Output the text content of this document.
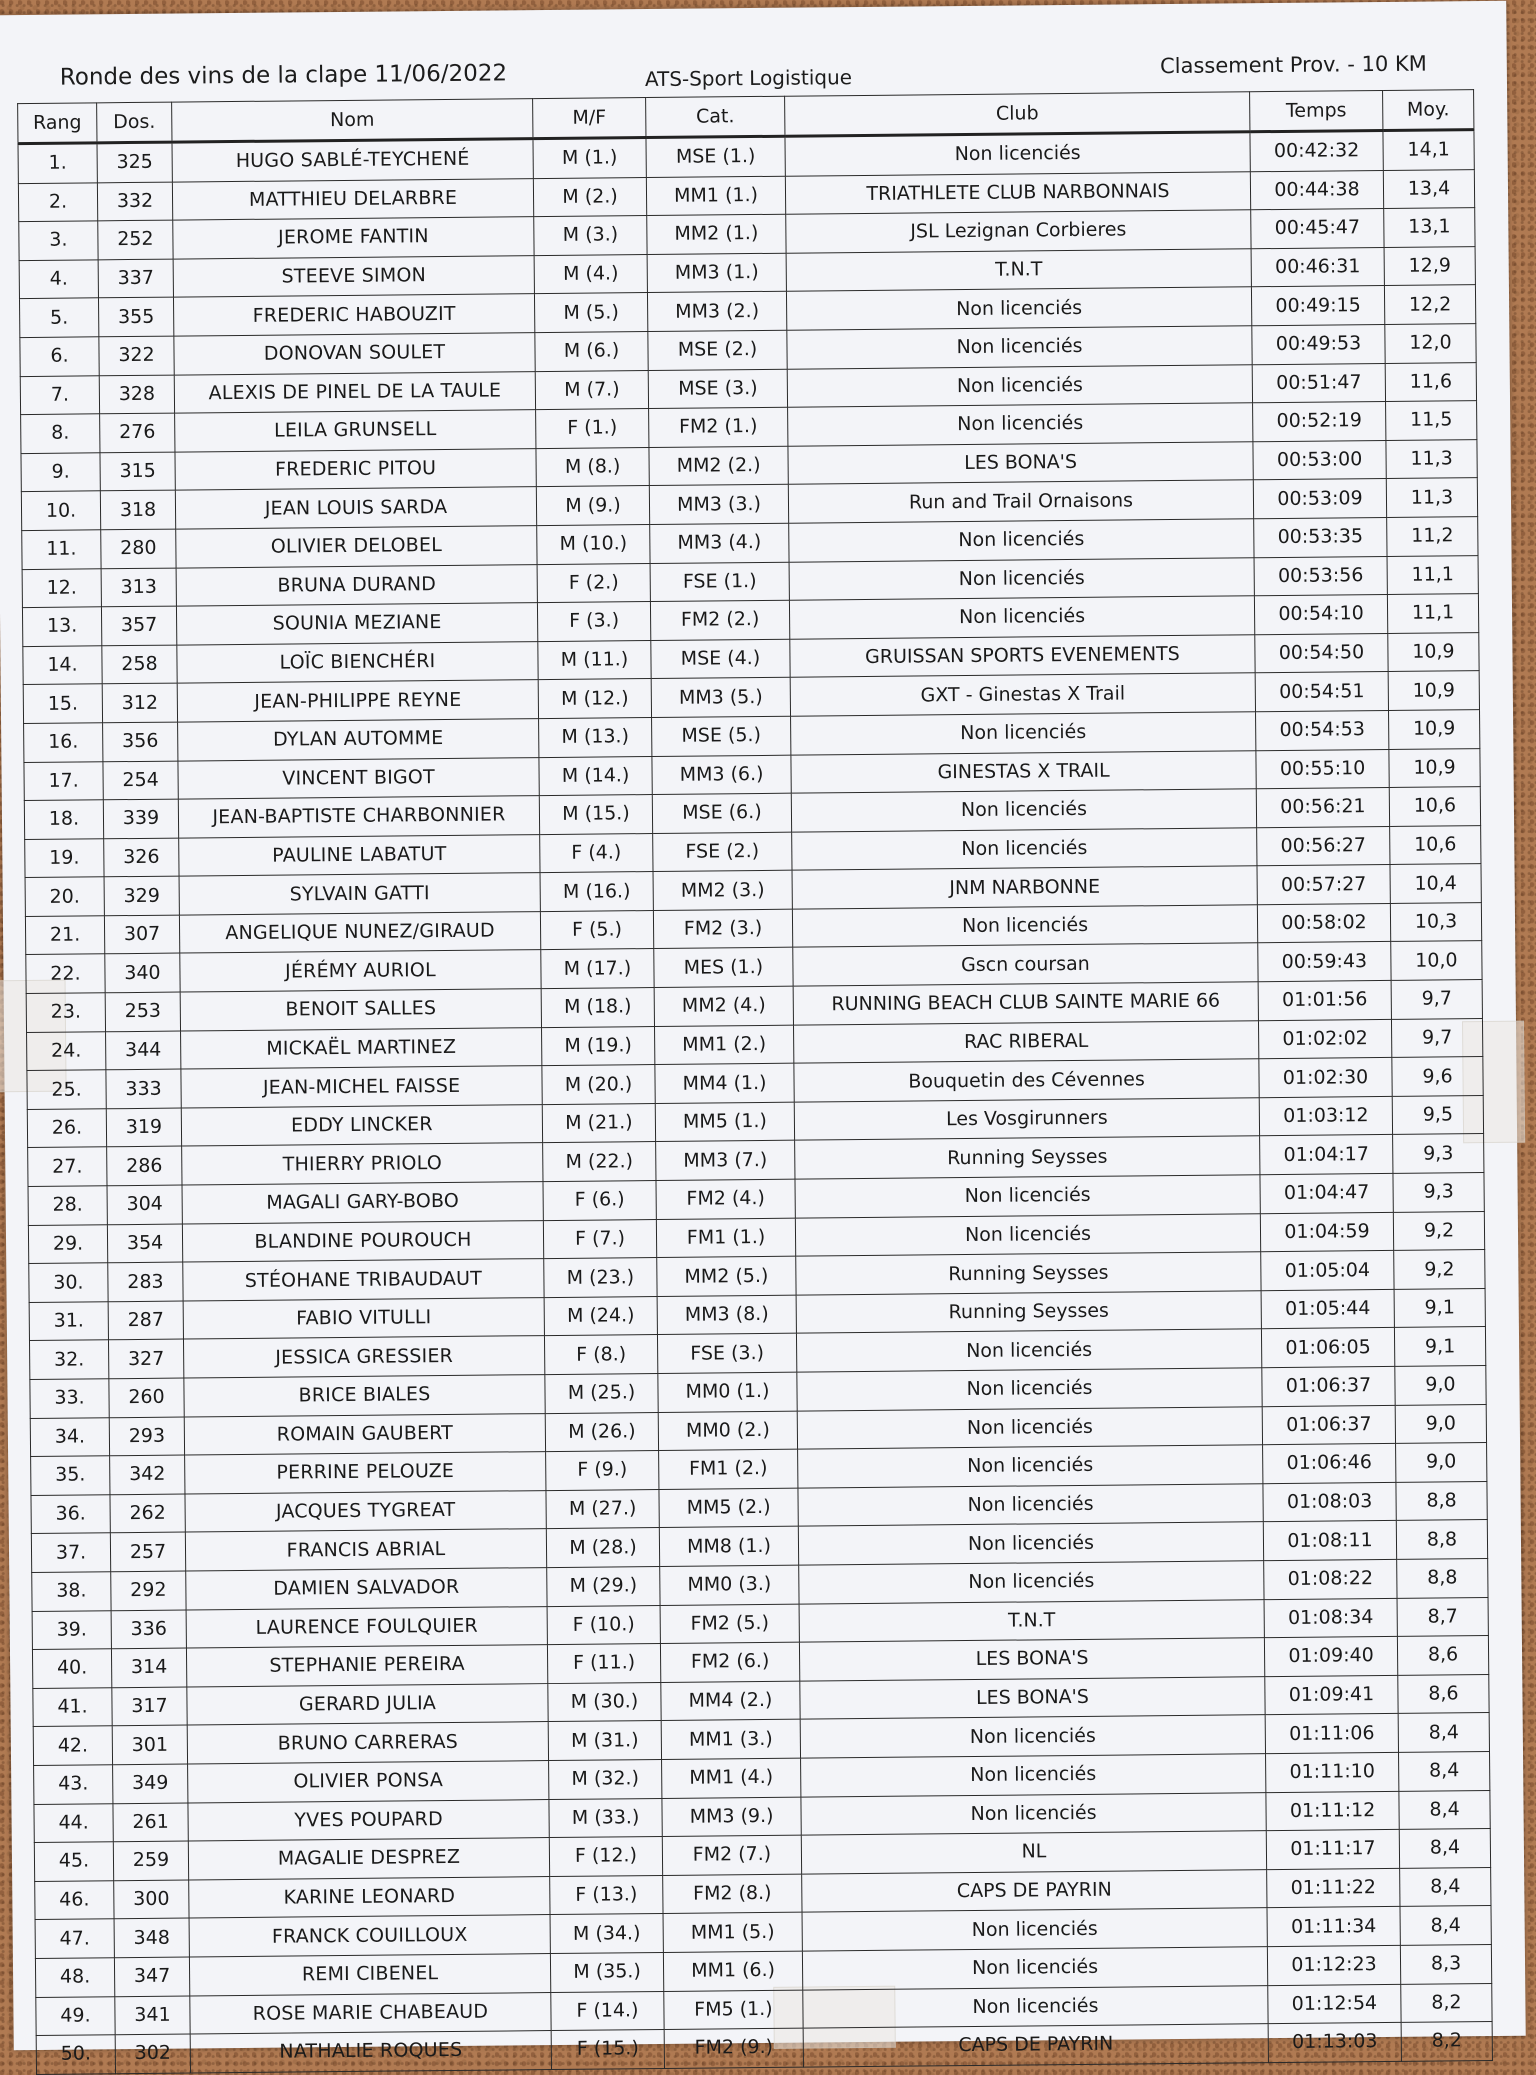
Ronde des vins de la clape 11/06/2022	ATS-Sport Logistique	Classement Prov. - 10 KM
Rang	Dos.	Nom	M/F	Cat.	Club	Temps	Moy.
1.	325	HUGO SABLÉ-TEYCHENÉ	M (1.)	MSE (1.)	Non licenciés	00:42:32	14,1
2.	332	MATTHIEU DELARBRE	M (2.)	MM1 (1.)	TRIATHLETE CLUB NARBONNAIS	00:44:38	13,4
3.	252	JEROME FANTIN	M (3.)	MM2 (1.)	JSL Lezignan Corbieres	00:45:47	13,1
4.	337	STEEVE SIMON	M (4.)	MM3 (1.)	T.N.T	00:46:31	12,9
5.	355	FREDERIC HABOUZIT	M (5.)	MM3 (2.)	Non licenciés	00:49:15	12,2
6.	322	DONOVAN SOULET	M (6.)	MSE (2.)	Non licenciés	00:49:53	12,0
7.	328	ALEXIS DE PINEL DE LA TAULE	M (7.)	MSE (3.)	Non licenciés	00:51:47	11,6
8.	276	LEILA GRUNSELL	F (1.)	FM2 (1.)	Non licenciés	00:52:19	11,5
9.	315	FREDERIC PITOU	M (8.)	MM2 (2.)	LES BONA'S	00:53:00	11,3
10.	318	JEAN LOUIS SARDA	M (9.)	MM3 (3.)	Run and Trail Ornaisons	00:53:09	11,3
11.	280	OLIVIER DELOBEL	M (10.)	MM3 (4.)	Non licenciés	00:53:35	11,2
12.	313	BRUNA DURAND	F (2.)	FSE (1.)	Non licenciés	00:53:56	11,1
13.	357	SOUNIA MEZIANE	F (3.)	FM2 (2.)	Non licenciés	00:54:10	11,1
14.	258	LOÏC BIENCHÉRI	M (11.)	MSE (4.)	GRUISSAN SPORTS EVENEMENTS	00:54:50	10,9
15.	312	JEAN-PHILIPPE REYNE	M (12.)	MM3 (5.)	GXT - Ginestas X Trail	00:54:51	10,9
16.	356	DYLAN AUTOMME	M (13.)	MSE (5.)	Non licenciés	00:54:53	10,9
17.	254	VINCENT BIGOT	M (14.)	MM3 (6.)	GINESTAS X TRAIL	00:55:10	10,9
18.	339	JEAN-BAPTISTE CHARBONNIER	M (15.)	MSE (6.)	Non licenciés	00:56:21	10,6
19.	326	PAULINE LABATUT	F (4.)	FSE (2.)	Non licenciés	00:56:27	10,6
20.	329	SYLVAIN GATTI	M (16.)	MM2 (3.)	JNM NARBONNE	00:57:27	10,4
21.	307	ANGELIQUE NUNEZ/GIRAUD	F (5.)	FM2 (3.)	Non licenciés	00:58:02	10,3
22.	340	JÉRÉMY AURIOL	M (17.)	MES (1.)	Gscn coursan	00:59:43	10,0
23.	253	BENOIT SALLES	M (18.)	MM2 (4.)	RUNNING BEACH CLUB SAINTE MARIE 66	01:01:56	9,7
24.	344	MICKAËL MARTINEZ	M (19.)	MM1 (2.)	RAC RIBERAL	01:02:02	9,7
25.	333	JEAN-MICHEL FAISSE	M (20.)	MM4 (1.)	Bouquetin des Cévennes	01:02:30	9,6
26.	319	EDDY LINCKER	M (21.)	MM5 (1.)	Les Vosgirunners	01:03:12	9,5
27.	286	THIERRY PRIOLO	M (22.)	MM3 (7.)	Running Seysses	01:04:17	9,3
28.	304	MAGALI GARY-BOBO	F (6.)	FM2 (4.)	Non licenciés	01:04:47	9,3
29.	354	BLANDINE POUROUCH	F (7.)	FM1 (1.)	Non licenciés	01:04:59	9,2
30.	283	STÉOHANE TRIBAUDAUT	M (23.)	MM2 (5.)	Running Seysses	01:05:04	9,2
31.	287	FABIO VITULLI	M (24.)	MM3 (8.)	Running Seysses	01:05:44	9,1
32.	327	JESSICA GRESSIER	F (8.)	FSE (3.)	Non licenciés	01:06:05	9,1
33.	260	BRICE BIALES	M (25.)	MM0 (1.)	Non licenciés	01:06:37	9,0
34.	293	ROMAIN GAUBERT	M (26.)	MM0 (2.)	Non licenciés	01:06:37	9,0
35.	342	PERRINE PELOUZE	F (9.)	FM1 (2.)	Non licenciés	01:06:46	9,0
36.	262	JACQUES TYGREAT	M (27.)	MM5 (2.)	Non licenciés	01:08:03	8,8
37.	257	FRANCIS ABRIAL	M (28.)	MM8 (1.)	Non licenciés	01:08:11	8,8
38.	292	DAMIEN SALVADOR	M (29.)	MM0 (3.)	Non licenciés	01:08:22	8,8
39.	336	LAURENCE FOULQUIER	F (10.)	FM2 (5.)	T.N.T	01:08:34	8,7
40.	314	STEPHANIE PEREIRA	F (11.)	FM2 (6.)	LES BONA'S	01:09:40	8,6
41.	317	GERARD JULIA	M (30.)	MM4 (2.)	LES BONA'S	01:09:41	8,6
42.	301	BRUNO CARRERAS	M (31.)	MM1 (3.)	Non licenciés	01:11:06	8,4
43.	349	OLIVIER PONSA	M (32.)	MM1 (4.)	Non licenciés	01:11:10	8,4
44.	261	YVES POUPARD	M (33.)	MM3 (9.)	Non licenciés	01:11:12	8,4
45.	259	MAGALIE DESPREZ	F (12.)	FM2 (7.)	NL	01:11:17	8,4
46.	300	KARINE LEONARD	F (13.)	FM2 (8.)	CAPS DE PAYRIN	01:11:22	8,4
47.	348	FRANCK COUILLOUX	M (34.)	MM1 (5.)	Non licenciés	01:11:34	8,4
48.	347	REMI CIBENEL	M (35.)	MM1 (6.)	Non licenciés	01:12:23	8,3
49.	341	ROSE MARIE CHABEAUD	F (14.)	FM5 (1.)	Non licenciés	01:12:54	8,2
50.	302	NATHALIE ROQUES	F (15.)	FM2 (9.)	CAPS DE PAYRIN	01:13:03	8,2
